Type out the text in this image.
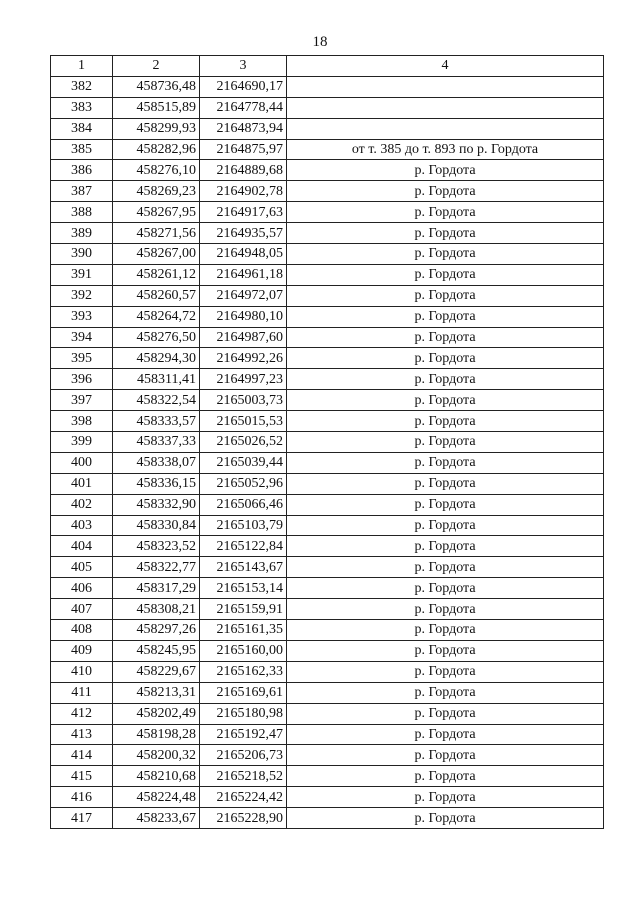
18
1	2	3	4
382	458736,48	2164690,17	
383	458515,89	2164778,44	
384	458299,93	2164873,94	
385	458282,96	2164875,97	от т. 385 до т. 893 по р. Гордота
386	458276,10	2164889,68	р. Гордота
387	458269,23	2164902,78	р. Гордота
388	458267,95	2164917,63	р. Гордота
389	458271,56	2164935,57	р. Гордота
390	458267,00	2164948,05	р. Гордота
391	458261,12	2164961,18	р. Гордота
392	458260,57	2164972,07	р. Гордота
393	458264,72	2164980,10	р. Гордота
394	458276,50	2164987,60	р. Гордота
395	458294,30	2164992,26	р. Гордота
396	458311,41	2164997,23	р. Гордота
397	458322,54	2165003,73	р. Гордота
398	458333,57	2165015,53	р. Гордота
399	458337,33	2165026,52	р. Гордота
400	458338,07	2165039,44	р. Гордота
401	458336,15	2165052,96	р. Гордота
402	458332,90	2165066,46	р. Гордота
403	458330,84	2165103,79	р. Гордота
404	458323,52	2165122,84	р. Гордота
405	458322,77	2165143,67	р. Гордота
406	458317,29	2165153,14	р. Гордота
407	458308,21	2165159,91	р. Гордота
408	458297,26	2165161,35	р. Гордота
409	458245,95	2165160,00	р. Гордота
410	458229,67	2165162,33	р. Гордота
411	458213,31	2165169,61	р. Гордота
412	458202,49	2165180,98	р. Гордота
413	458198,28	2165192,47	р. Гордота
414	458200,32	2165206,73	р. Гордота
415	458210,68	2165218,52	р. Гордота
416	458224,48	2165224,42	р. Гордота
417	458233,67	2165228,90	р. Гордота
